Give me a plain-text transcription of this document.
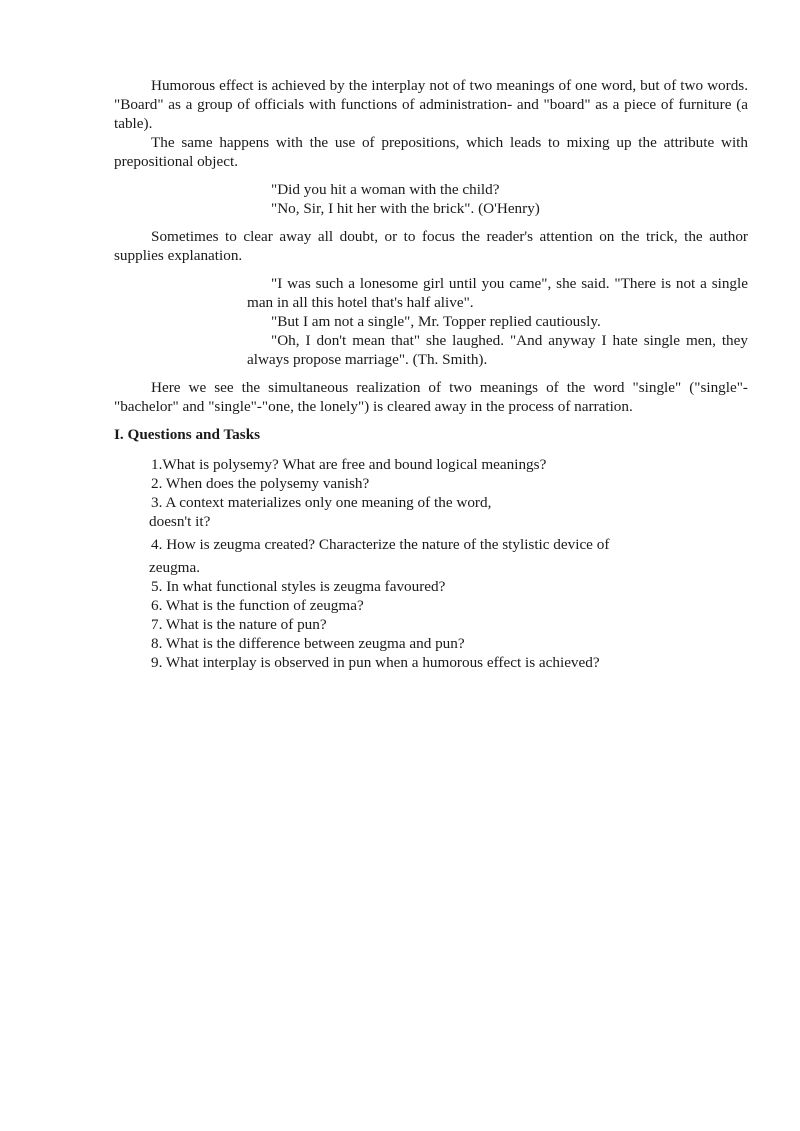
Humorous effect is achieved by the interplay not of two meanings of one word, but of two words. "Board" as a group of officials with functions of administration- and "board" as a piece of furniture (a table).

The same happens with the use of prepositions, which leads to mixing up the attribute with prepositional object.

"Did you hit a woman with the child?
"No, Sir, I hit her with the brick". (O'Henry)

Sometimes to clear away all doubt, or to focus the reader's attention on the trick, the author supplies explanation.

"I was such a lonesome girl until you came", she said. "There is not a single man in all this hotel that's half alive".
"But I am not a single", Mr. Topper replied cautiously.
"Oh, I don't mean that" she laughed. "And anyway I hate single men, they always propose marriage". (Th. Smith).

Here we see the simultaneous realization of two meanings of the word "single" ("single"-"bachelor" and "single"-"one, the lonely") is cleared away in the process of narration.

I. Questions and Tasks
1.What is polysemy? What are free and bound logical meanings?
2. When does the polysemy vanish?
3. A context materializes only one meaning of the word,
doesn't it?
4. How is zeugma created? Characterize the nature of the stylistic device of
zeugma.
5. In what functional styles is zeugma favoured?
6. What is the function of zeugma?
7. What is the nature of pun?
8. What is the difference between zeugma and pun?
9. What interplay is observed in pun when a humorous effect is achieved?
